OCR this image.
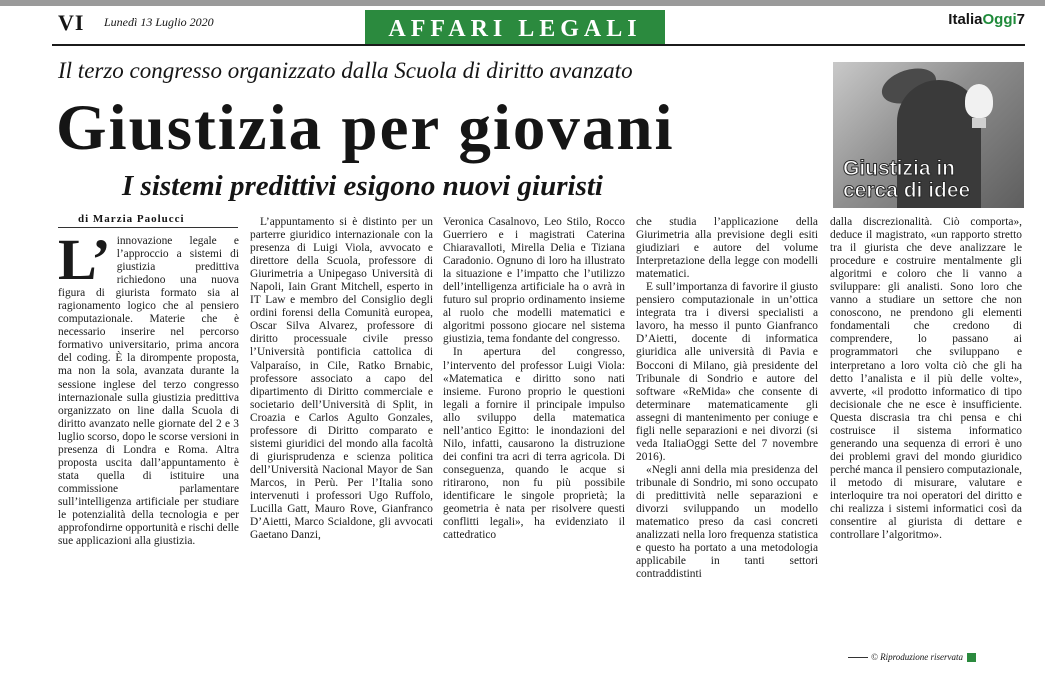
VI Lunedì 13 Luglio 2020	AFFARI LEGALI	ItaliaOggi7
Il terzo congresso organizzato dalla Scuola di diritto avanzato
Giustizia per giovani
I sistemi predittivi esigono nuovi giuristi
Giustizia in
cerca di idee
di Marzia Paolucci

L’ innovazione legale e l’approccio a sistemi di giustizia predittiva richiedono una nuova figura di giurista formato sia al ragionamento logico che al pensiero computazionale. Materie che è necessario inserire nel percorso formativo universitario, prima ancora del coding. È la dirompente proposta, ma non la sola, avanzata durante la sessione inglese del terzo congresso internazionale sulla giustizia predittiva organizzato on line dalla Scuola di diritto avanzato nelle giornate del 2 e 3 luglio scorso, dopo le scorse versioni in presenza di Londra e Roma. Altra proposta uscita dall’appuntamento è stata quella di istituire una commissione parlamentare sull’intelligenza artificiale per studiare le potenzialità della tecnologia e per approfondirne opportunità e rischi delle sue applicazioni alla giustizia.

L’appuntamento si è distinto per un parterre giuridico internazionale con la presenza di Luigi Viola, avvocato e direttore della Scuola, professore di Giurimetria a Unipegaso Università di Napoli, Iain Grant Mitchell, esperto in IT Law e membro del Consiglio degli ordini forensi della Comunità europea, Oscar Silva Alvarez, professore di diritto processuale civile presso l’Università pontificia cattolica di Valparaíso, in Cile, Ratko Brnabic, professore associato a capo del dipartimento di Diritto commerciale e societario dell’Università di Split, in Croazia e Carlos Agulto Gonzales, professore di Diritto comparato e sistemi giuridici del mondo alla facoltà di giurisprudenza e scienza politica dell’Università Nacional Mayor de San Marcos, in Perù. Per l’Italia sono intervenuti i professori Ugo Ruffolo, Lucilla Gatt, Mauro Rove, Gianfranco D’Aietti, Marco Scialdone, gli avvocati Gaetano Danzi,

Veronica Casalnovo, Leo Stilo, Rocco Guerriero e i magistrati Caterina Chiaravalloti, Mirella Delia e Tiziana Caradonio. Ognuno di loro ha illustrato la situazione e l’impatto che l’utilizzo dell’intelligenza artificiale ha o avrà in futuro sul proprio ordinamento insieme al ruolo che modelli matematici e algoritmi possono giocare nel sistema giustizia, tema fondante del congresso.

In apertura del congresso, l’intervento del professor Luigi Viola: «Matematica e diritto sono nati insieme. Furono proprio le questioni legali a fornire il principale impulso allo sviluppo della matematica nell’antico Egitto: le inondazioni del Nilo, infatti, causarono la distruzione dei confini tra acri di terra agricola. Di conseguenza, quando le acque si ritirarono, non fu più possibile identificare le singole proprietà; la geometria è nata per risolvere questi conflitti legali», ha evidenziato il cattedratico

che studia l’applicazione della Giurimetria alla previsione degli esiti giudiziari e autore del volume Interpretazione della legge con modelli matematici.

E sull’importanza di favorire il giusto pensiero computazionale in un’ottica integrata tra i diversi specialisti a lavoro, ha messo il punto Gianfranco D’Aietti, docente di informatica giuridica alle università di Pavia e Bocconi di Milano, già presidente del Tribunale di Sondrio e autore del software «ReMida» che consente di determinare matematicamente gli assegni di mantenimento per coniuge e figli nelle separazioni e nei divorzi (si veda ItaliaOggi Sette del 7 novembre 2016).

«Negli anni della mia presidenza del tribunale di Sondrio, mi sono occupato di predittività nelle separazioni e divorzi sviluppando un modello matematico preso da casi concreti analizzati nella loro frequenza statistica e questo ha portato a una metodologia applicabile in tanti settori contraddistinti

dalla discrezionalità. Ciò comporta», deduce il magistrato, «un rapporto stretto tra il giurista che deve analizzare le procedure e costruire mentalmente gli algoritmi e coloro che li vanno a sviluppare: gli analisti. Sono loro che vanno a studiare un settore che non conoscono, ne prendono gli elementi fondamentali che credono di comprendere, lo passano ai programmatori che sviluppano e interpretano a loro volta ciò che gli ha detto l’analista e il più delle volte», avverte, «il prodotto informatico di tipo decisionale che ne esce è insufficiente. Questa discrasia tra chi pensa e chi costruisce il sistema informatico generando una sequenza di errori è uno dei problemi gravi del mondo giuridico perché manca il pensiero computazionale, il metodo di misurare, valutare e interloquire tra noi operatori del diritto e chi realizza i sistemi informatici così da consentire al giurista di dettare e controllare l’algoritmo».

© Riproduzione riservata
